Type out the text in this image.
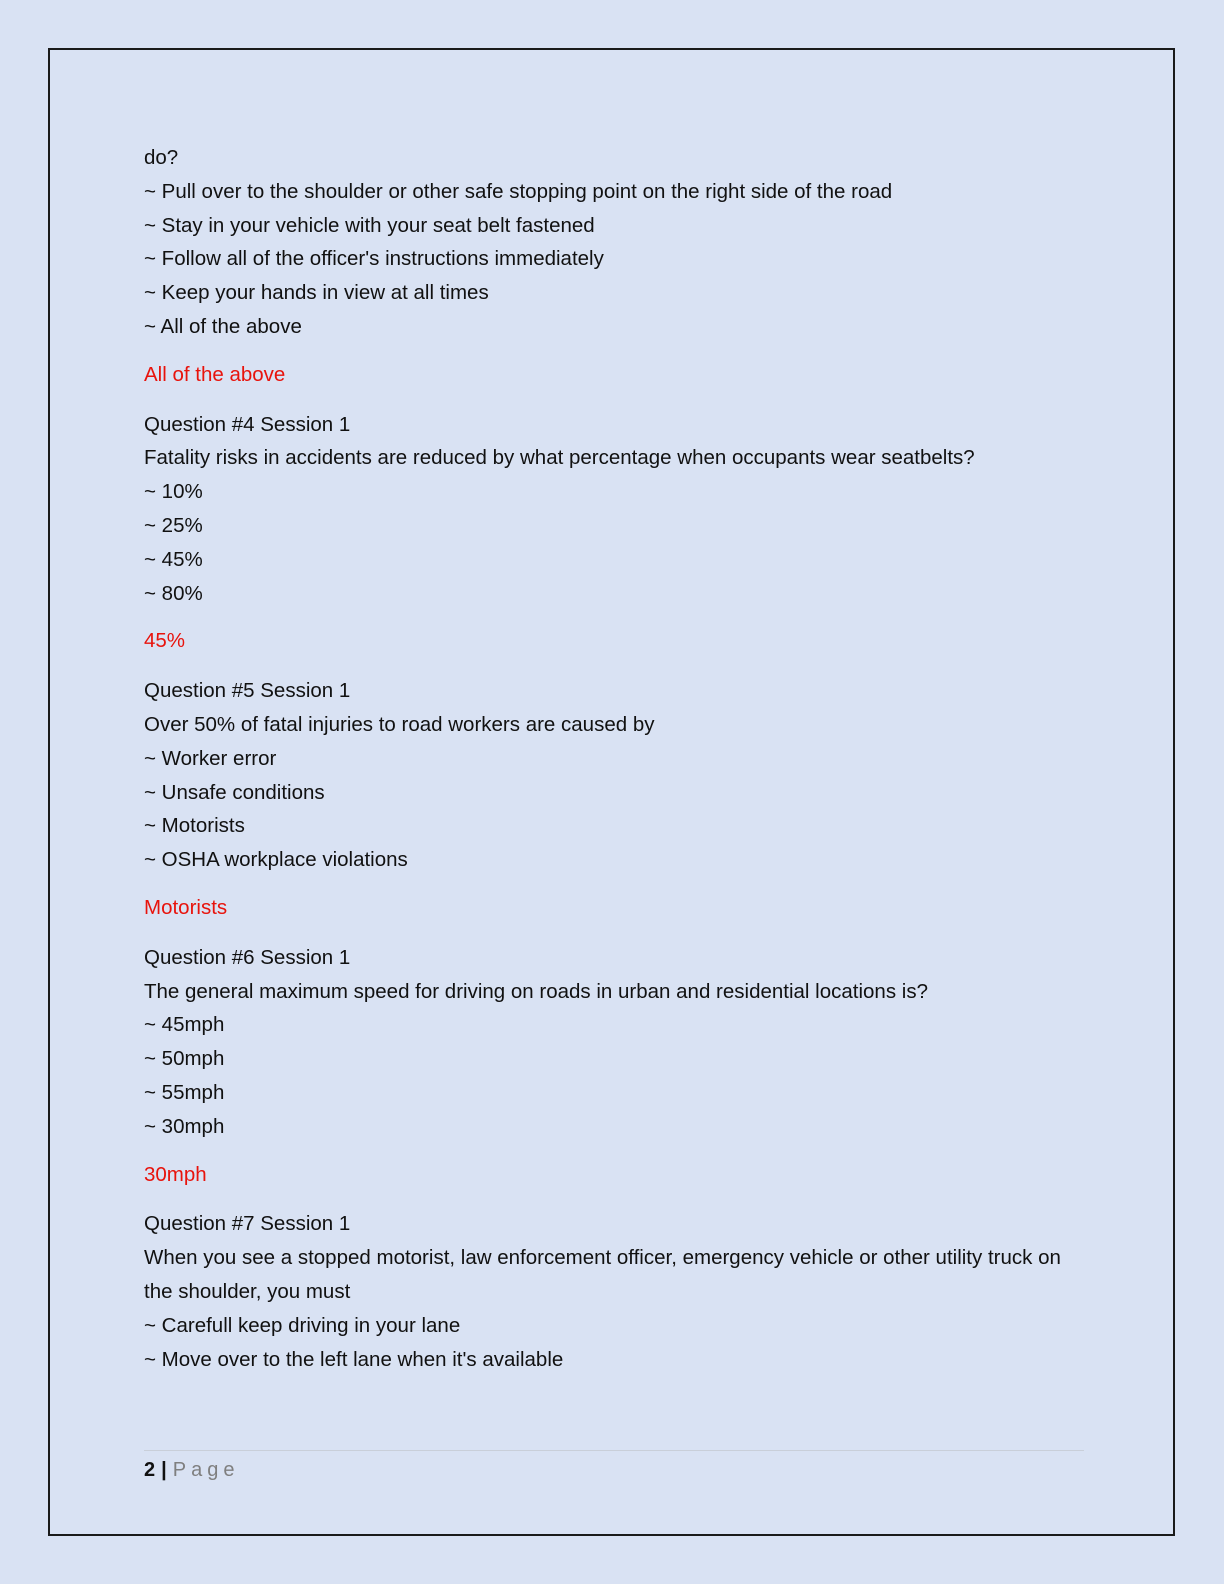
do?
~ Pull over to the shoulder or other safe stopping point on the right side of the road
~ Stay in your vehicle with your seat belt fastened
~ Follow all of the officer's instructions immediately
~ Keep your hands in view at all times
~ All of the above
All of the above
Question #4 Session 1
Fatality risks in accidents are reduced by what percentage when occupants wear seatbelts?
~ 10%
~ 25%
~ 45%
~ 80%
45%
Question #5 Session 1
Over 50% of fatal injuries to road workers are caused by
~ Worker error
~ Unsafe conditions
~ Motorists
~ OSHA workplace violations
Motorists
Question #6 Session 1
The general maximum speed for driving on roads in urban and residential locations is?
~ 45mph
~ 50mph
~ 55mph
~ 30mph
30mph
Question #7 Session 1
When you see a stopped motorist, law enforcement officer, emergency vehicle or other utility truck on the shoulder, you must
~ Carefull keep driving in your lane
~ Move over to the left lane when it's available
2 | Page
